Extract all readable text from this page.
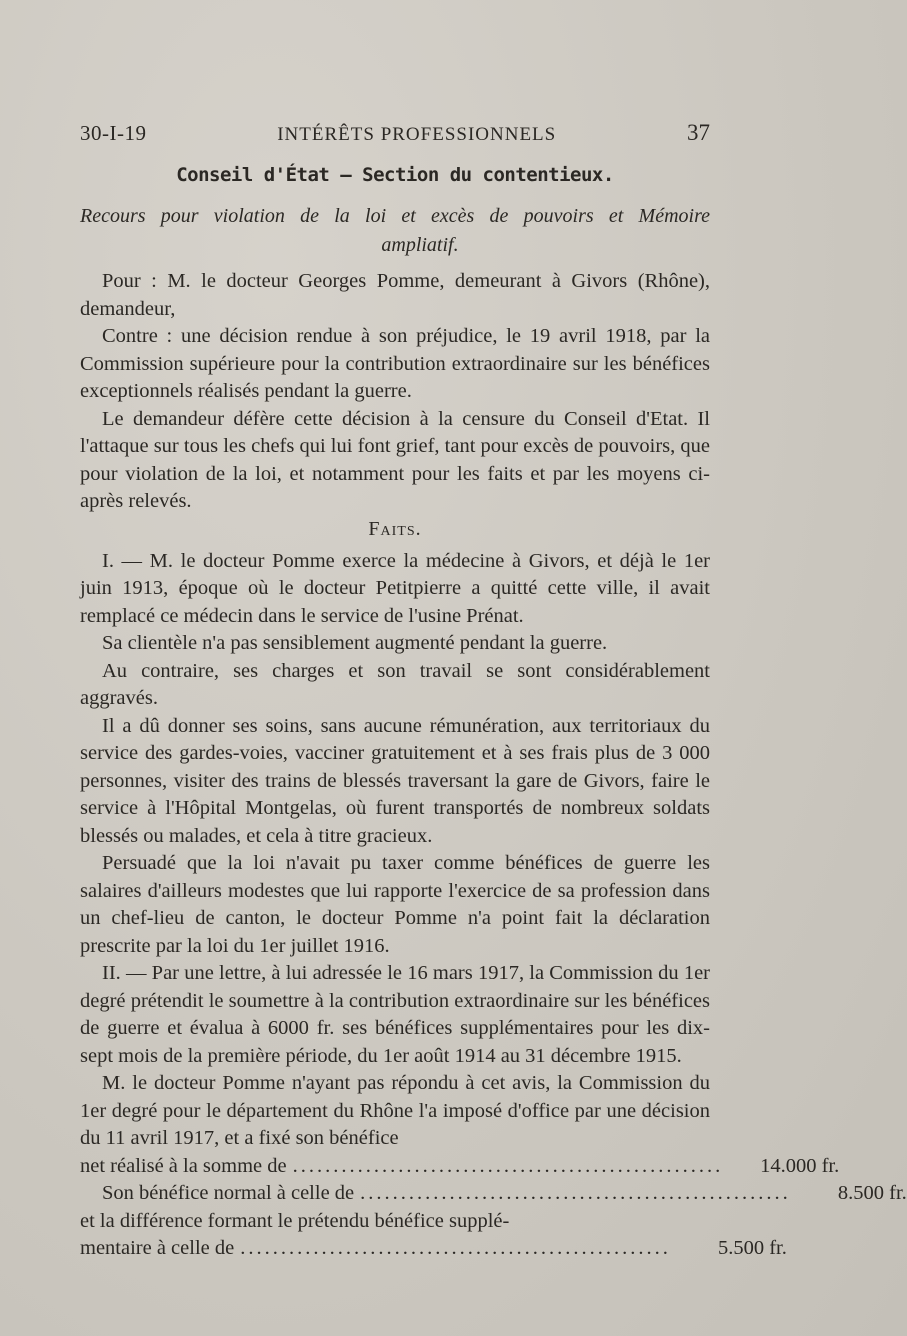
30-I-19	INTÉRÊTS PROFESSIONNELS	37
Conseil d'État — Section du contentieux.
Recours pour violation de la loi et excès de pouvoirs et Mémoire
ampliatif.

Pour : M. le docteur Georges Pomme, demeurant à Givors (Rhône), demandeur,

Contre : une décision rendue à son préjudice, le 19 avril 1918, par la Commission supérieure pour la contribution extraordinaire sur les bénéfices exceptionnels réalisés pendant la guerre.

Le demandeur défère cette décision à la censure du Conseil d'Etat. Il l'attaque sur tous les chefs qui lui font grief, tant pour excès de pouvoirs, que pour violation de la loi, et notamment pour les faits et par les moyens ci-après relevés.

Faits.

I. — M. le docteur Pomme exerce la médecine à Givors, et déjà le 1er juin 1913, époque où le docteur Petitpierre a quitté cette ville, il avait remplacé ce médecin dans le service de l'usine Prénat.

Sa clientèle n'a pas sensiblement augmenté pendant la guerre.

Au contraire, ses charges et son travail se sont considérablement aggravés.

Il a dû donner ses soins, sans aucune rémunération, aux territoriaux du service des gardes-voies, vacciner gratuitement et à ses frais plus de 3 000 personnes, visiter des trains de blessés traversant la gare de Givors, faire le service à l'Hôpital Montgelas, où furent transportés de nombreux soldats blessés ou malades, et cela à titre gracieux.

Persuadé que la loi n'avait pu taxer comme bénéfices de guerre les salaires d'ailleurs modestes que lui rapporte l'exercice de sa profession dans un chef-lieu de canton, le docteur Pomme n'a point fait la déclaration prescrite par la loi du 1er juillet 1916.

II. — Par une lettre, à lui adressée le 16 mars 1917, la Commission du 1er degré prétendit le soumettre à la contribution extraordinaire sur les bénéfices de guerre et évalua à 6000 fr. ses bénéfices supplémentaires pour les dix-sept mois de la première période, du 1er août 1914 au 31 décembre 1915.

M. le docteur Pomme n'ayant pas répondu à cet avis, la Commission du 1er degré pour le département du Rhône l'a imposé d'office par une décision du 11 avril 1917, et a fixé son bénéfice

net réalisé à la somme de .....................................................	14.000 fr.
Son bénéfice normal à celle de .....................................................	8.500 fr.

et la différence formant le prétendu bénéfice supplé-

mentaire à celle de .....................................................	5.500 fr.
